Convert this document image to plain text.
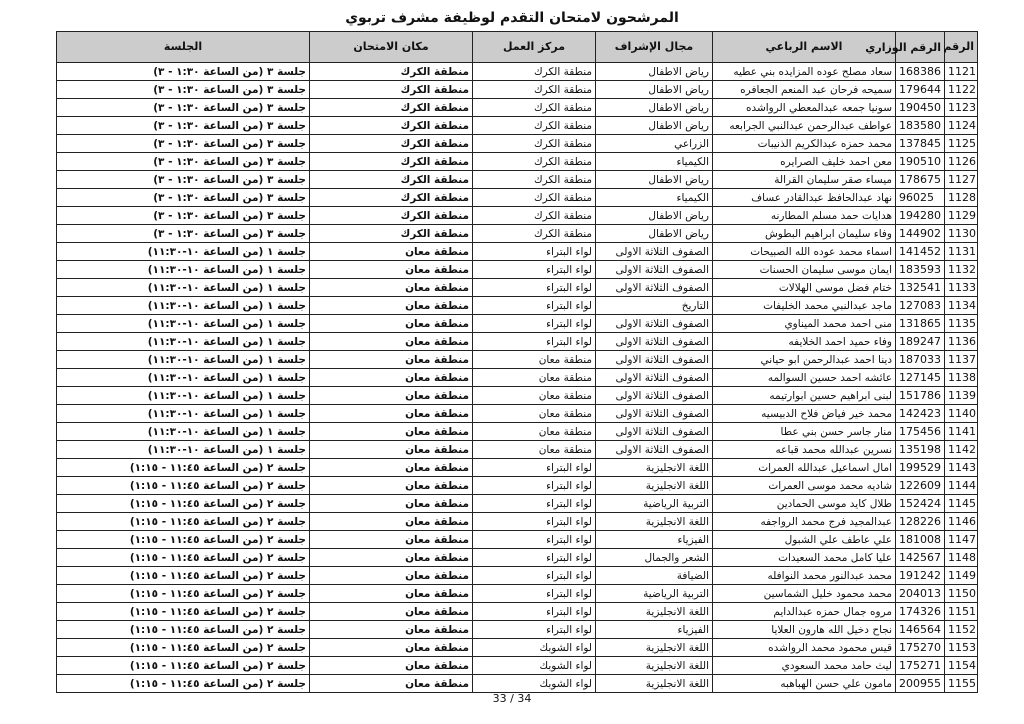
المرشحون لامتحان التقدم لوظيفة مشرف تربوي
الرقم	الرقم الوزاري	الاسم الرباعي	مجال الإشراف	مركز العمل	مكان الامتحان	الجلسة
1121	168386	سعاد مصلح عوده المزايده بني عطيه	رياض الاطفال	منطقة الكرك	منطقة الكرك	جلسة ٣ (من الساعة ١:٣٠ - ٣)
1122	179644	سميحه فرحان عبد المنعم الجعافره	رياض الاطفال	منطقة الكرك	منطقة الكرك	جلسة ٣ (من الساعة ١:٣٠ - ٣)
1123	190450	سونيا جمعه عبدالمعطي الرواشده	رياض الاطفال	منطقة الكرك	منطقة الكرك	جلسة ٣ (من الساعة ١:٣٠ - ٣)
1124	183580	عواطف عبدالرحمن عبدالنبي الجرابعه	رياض الاطفال	منطقة الكرك	منطقة الكرك	جلسة ٣ (من الساعة ١:٣٠ - ٣)
1125	137845	محمد حمزه عبدالكريم الذنيبات	الزراعي	منطقة الكرك	منطقة الكرك	جلسة ٣ (من الساعة ١:٣٠ - ٣)
1126	190510	معن احمد خليف الصرايره	الكيمياء	منطقة الكرك	منطقة الكرك	جلسة ٣ (من الساعة ١:٣٠ - ٣)
1127	178675	ميساء صقر سليمان القرالة	رياض الاطفال	منطقة الكرك	منطقة الكرك	جلسة ٣ (من الساعة ١:٣٠ - ٣)
1128	96025	نهاد عبدالحافظ عبدالقادر عساف	الكيمياء	منطقة الكرك	منطقة الكرك	جلسة ٣ (من الساعة ١:٣٠ - ٣)
1129	194280	هدايات حمد مسلم المطارنه	رياض الاطفال	منطقة الكرك	منطقة الكرك	جلسة ٣ (من الساعة ١:٣٠ - ٣)
1130	144902	وفاء سليمان ابراهيم البطوش	رياض الاطفال	منطقة الكرك	منطقة الكرك	جلسة ٣ (من الساعة ١:٣٠ - ٣)
1131	141452	اسماء محمد عوده الله الصبيحات	الصفوف الثلاثة الاولى	لواء البتراء	منطقة معان	جلسة ١ (من الساعة ١٠-١١:٣٠)
1132	183593	ايمان موسى سليمان الحسنات	الصفوف الثلاثة الاولى	لواء البتراء	منطقة معان	جلسة ١ (من الساعة ١٠-١١:٣٠)
1133	132541	ختام فضل موسى الهلالات	الصفوف الثلاثة الاولى	لواء البتراء	منطقة معان	جلسة ١ (من الساعة ١٠-١١:٣٠)
1134	127083	ماجد عبدالنبي محمد الخليفات	التاريخ	لواء البتراء	منطقة معان	جلسة ١ (من الساعة ١٠-١١:٣٠)
1135	131865	منى احمد محمد الميناوي	الصفوف الثلاثة الاولى	لواء البتراء	منطقة معان	جلسة ١ (من الساعة ١٠-١١:٣٠)
1136	189247	وفاء حميد احمد الخلايفه	الصفوف الثلاثة الاولى	لواء البتراء	منطقة معان	جلسة ١ (من الساعة ١٠-١١:٣٠)
1137	187033	دينا احمد عبدالرحمن ابو حياني	الصفوف الثلاثة الاولى	منطقة معان	منطقة معان	جلسة ١ (من الساعة ١٠-١١:٣٠)
1138	127145	عائشه احمد حسين السوالمه	الصفوف الثلاثة الاولى	منطقة معان	منطقة معان	جلسة ١ (من الساعة ١٠-١١:٣٠)
1139	151786	لبنى ابراهيم حسين ابوارتيمه	الصفوف الثلاثة الاولى	منطقة معان	منطقة معان	جلسة ١ (من الساعة ١٠-١١:٣٠)
1140	142423	محمد خير فياض فلاح الدبيسيه	الصفوف الثلاثة الاولى	منطقة معان	منطقة معان	جلسة ١ (من الساعة ١٠-١١:٣٠)
1141	175456	منار جاسر حسن بني عطا	الصفوف الثلاثة الاولى	منطقة معان	منطقة معان	جلسة ١ (من الساعة ١٠-١١:٣٠)
1142	135198	نسرين عبدالله محمد قباعه	الصفوف الثلاثة الاولى	منطقة معان	منطقة معان	جلسة ١ (من الساعة ١٠-١١:٣٠)
1143	199529	امال اسماعيل عبدالله العمرات	اللغة الانجليزية	لواء البتراء	منطقة معان	جلسة ٢ (من الساعة ١١:٤٥ - ١:١٥)
1144	122609	شاديه محمد موسى العمرات	اللغة الانجليزية	لواء البتراء	منطقة معان	جلسة ٢ (من الساعة ١١:٤٥ - ١:١٥)
1145	152424	طلال كايد موسى الحمادين	التربية الرياضية	لواء البتراء	منطقة معان	جلسة ٢ (من الساعة ١١:٤٥ - ١:١٥)
1146	128226	عبدالمجيد فرج محمد الرواجفه	اللغة الانجليزية	لواء البتراء	منطقة معان	جلسة ٢ (من الساعة ١١:٤٥ - ١:١٥)
1147	181008	علي عاطف علي الشبول	الفيزياء	لواء البتراء	منطقة معان	جلسة ٢ (من الساعة ١١:٤٥ - ١:١٥)
1148	142567	عليا كامل محمد السعيدات	الشعر والجمال	لواء البتراء	منطقة معان	جلسة ٢ (من الساعة ١١:٤٥ - ١:١٥)
1149	191242	محمد عبدالنور محمد النوافله	الضيافة	لواء البتراء	منطقة معان	جلسة ٢ (من الساعة ١١:٤٥ - ١:١٥)
1150	204013	محمد محمود خليل الشماسين	التربية الرياضية	لواء البتراء	منطقة معان	جلسة ٢ (من الساعة ١١:٤٥ - ١:١٥)
1151	174326	مروه جمال حمزه عبدالدايم	اللغة الانجليزية	لواء البتراء	منطقة معان	جلسة ٢ (من الساعة ١١:٤٥ - ١:١٥)
1152	146564	نجاح دخيل الله هارون العلايا	الفيزياء	لواء البتراء	منطقة معان	جلسة ٢ (من الساعة ١١:٤٥ - ١:١٥)
1153	175270	قيس محمود محمد الرواشده	اللغة الانجليزية	لواء الشوبك	منطقة معان	جلسة ٢ (من الساعة ١١:٤٥ - ١:١٥)
1154	175271	ليث حامد محمد السعودي	اللغة الانجليزية	لواء الشوبك	منطقة معان	جلسة ٢ (من الساعة ١١:٤٥ - ١:١٥)
1155	200955	مامون علي حسن الهباهبه	اللغة الانجليزية	لواء الشوبك	منطقة معان	جلسة ٢ (من الساعة ١١:٤٥ - ١:١٥)
33 / 34
